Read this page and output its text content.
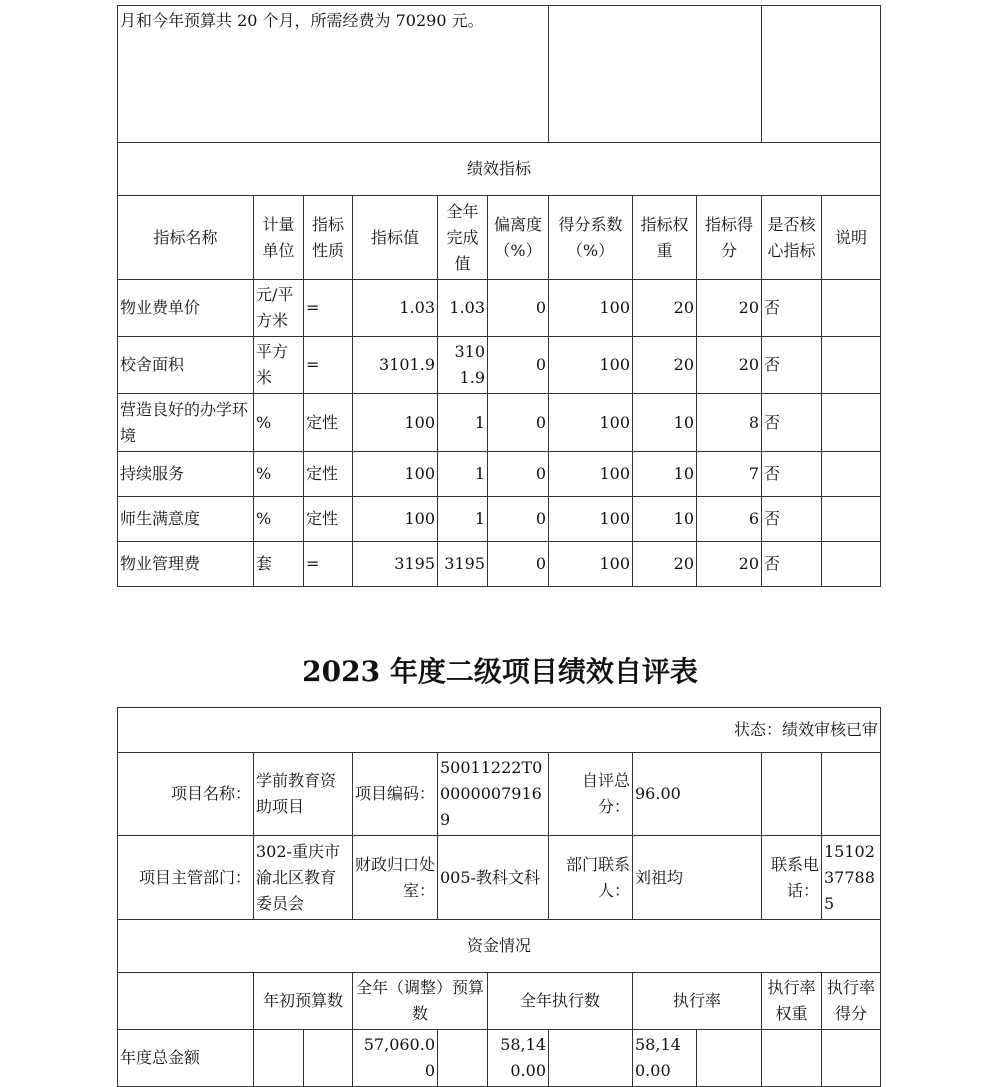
月和今年预算共 20 个月，所需经费为 70290 元。										
绩效指标										
指标名称	计量单位	指标性质	指标值	全年完成值	偏离度（%）	得分系数（%）	指标权重	指标得分	是否核心指标	说明
物业费单价	元/平方米	=	1.03	1.03	0	100	20	20	否	
校舍面积	平方米	=	3101.9	3101.9	0	100	20	20	否	
营造良好的办学环境	%	定性	100	1	0	100	10	8	否	
持续服务	%	定性	100	1	0	100	10	7	否	
师生满意度	%	定性	100	1	0	100	10	6	否	
物业管理费	套	=	3195	3195	0	100	20	20	否	
2023 年度二级项目绩效自评表
状态：绩效审核已审										
项目名称：	学前教育资助项目		项目编码：	50011222T000000079169		自评总分：	96.00			
项目主管部门：	302-重庆市渝北区教育委员会		财政归口处室：	005-教科文科		部门联系人：	刘祖均		联系电话：	15102377885
资金情况										
	年初预算数		全年（调整）预算数		全年执行数		执行率		执行率权重	执行率得分
年度总金额			57,060.00		58,140.00		58,140.00			
